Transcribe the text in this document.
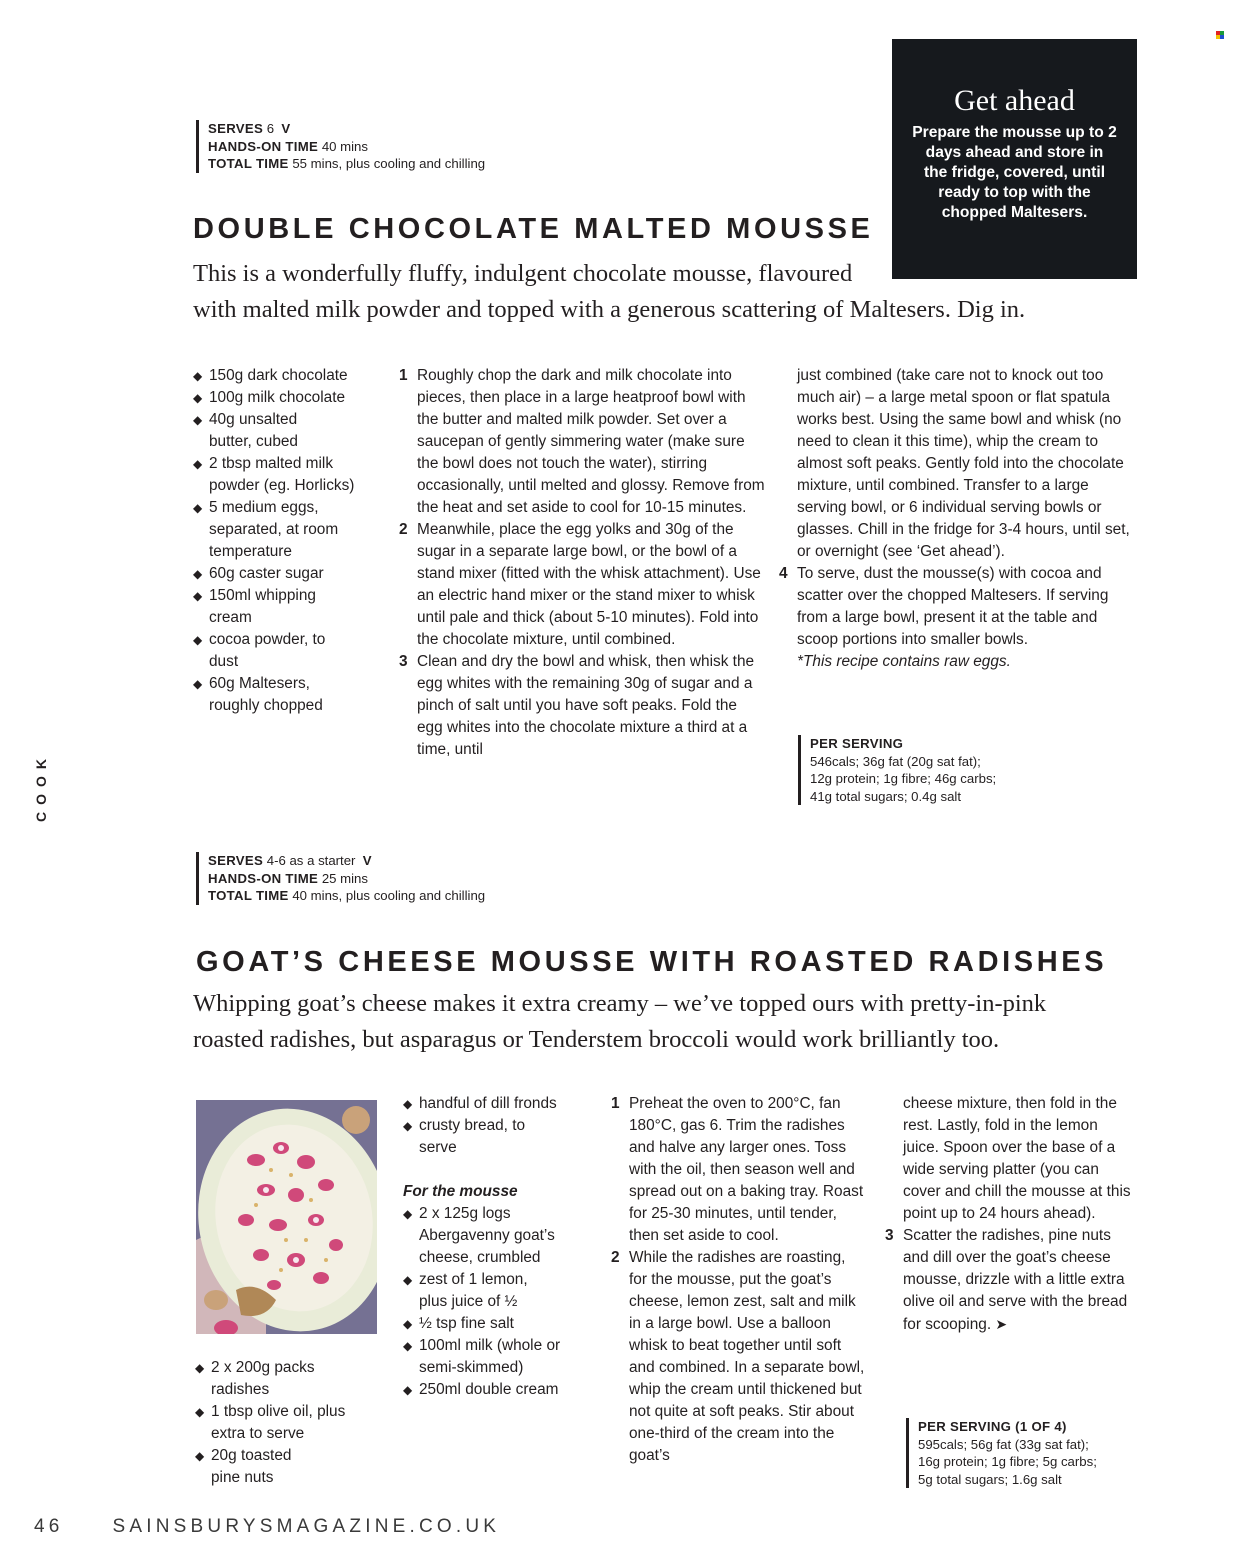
Get ahead
Prepare the mousse up to 2 days ahead and store in the fridge, covered, until ready to top with the chopped Maltesers.
SERVES 6 V
HANDS-ON TIME 40 mins
TOTAL TIME 55 mins, plus cooling and chilling
DOUBLE CHOCOLATE MALTED MOUSSE
This is a wonderfully fluffy, indulgent chocolate mousse, flavoured
with malted milk powder and topped with a generous scattering of Maltesers. Dig in.
◆ 150g dark chocolate
◆ 100g milk chocolate
◆ 40g unsalted butter, cubed
◆ 2 tbsp malted milk powder (eg. Horlicks)
◆ 5 medium eggs, separated, at room temperature
◆ 60g caster sugar
◆ 150ml whipping cream
◆ cocoa powder, to dust
◆ 60g Maltesers, roughly chopped
1 Roughly chop the dark and milk chocolate into pieces, then place in a large heatproof bowl with the butter and malted milk powder. Set over a saucepan of gently simmering water (make sure the bowl does not touch the water), stirring occasionally, until melted and glossy. Remove from the heat and set aside to cool for 10-15 minutes.
2 Meanwhile, place the egg yolks and 30g of the sugar in a separate large bowl, or the bowl of a stand mixer (fitted with the whisk attachment). Use an electric hand mixer or the stand mixer to whisk until pale and thick (about 5-10 minutes). Fold into the chocolate mixture, until combined.
3 Clean and dry the bowl and whisk, then whisk the egg whites with the remaining 30g of sugar and a pinch of salt until you have soft peaks. Fold the egg whites into the chocolate mixture a third at a time, until
just combined (take care not to knock out too much air) – a large metal spoon or flat spatula works best. Using the same bowl and whisk (no need to clean it this time), whip the cream to almost soft peaks. Gently fold into the chocolate mixture, until combined. Transfer to a large serving bowl, or 6 individual serving bowls or glasses. Chill in the fridge for 3-4 hours, until set, or overnight (see ‘Get ahead’).
4 To serve, dust the mousse(s) with cocoa and scatter over the chopped Maltesers. If serving from a large bowl, present it at the table and scoop portions into smaller bowls.
*This recipe contains raw eggs.
PER SERVING
546cals; 36g fat (20g sat fat);
12g protein; 1g fibre; 46g carbs;
41g total sugars; 0.4g salt
COOK
SERVES 4-6 as a starter V
HANDS-ON TIME 25 mins
TOTAL TIME 40 mins, plus cooling and chilling
GOAT’S CHEESE MOUSSE WITH ROASTED RADISHES
Whipping goat’s cheese makes it extra creamy – we’ve topped ours with pretty-in-pink
roasted radishes, but asparagus or Tenderstem broccoli would work brilliantly too.
◆ 2 x 200g packs radishes
◆ 1 tbsp olive oil, plus extra to serve
◆ 20g toasted pine nuts
◆ handful of dill fronds
◆ crusty bread, to serve
For the mousse
◆ 2 x 125g logs Abergavenny goat’s cheese, crumbled
◆ zest of 1 lemon, plus juice of ½
◆ ½ tsp fine salt
◆ 100ml milk (whole or semi-skimmed)
◆ 250ml double cream
1 Preheat the oven to 200°C, fan 180°C, gas 6. Trim the radishes and halve any larger ones. Toss with the oil, then season well and spread out on a baking tray. Roast for 25-30 minutes, until tender, then set aside to cool.
2 While the radishes are roasting, for the mousse, put the goat’s cheese, lemon zest, salt and milk in a large bowl. Use a balloon whisk to beat together until soft and combined. In a separate bowl, whip the cream until thickened but not quite at soft peaks. Stir about one-third of the cream into the goat’s
cheese mixture, then fold in the rest. Lastly, fold in the lemon juice. Spoon over the base of a wide serving platter (you can cover and chill the mousse at this point up to 24 hours ahead).
3 Scatter the radishes, pine nuts and dill over the goat’s cheese mousse, drizzle with a little extra olive oil and serve with the bread for scooping. ➤
PER SERVING (1 OF 4)
595cals; 56g fat (33g sat fat);
16g protein; 1g fibre; 5g carbs;
5g total sugars; 1.6g salt
46	SAINSBURYSMAGAZINE.CO.UK
